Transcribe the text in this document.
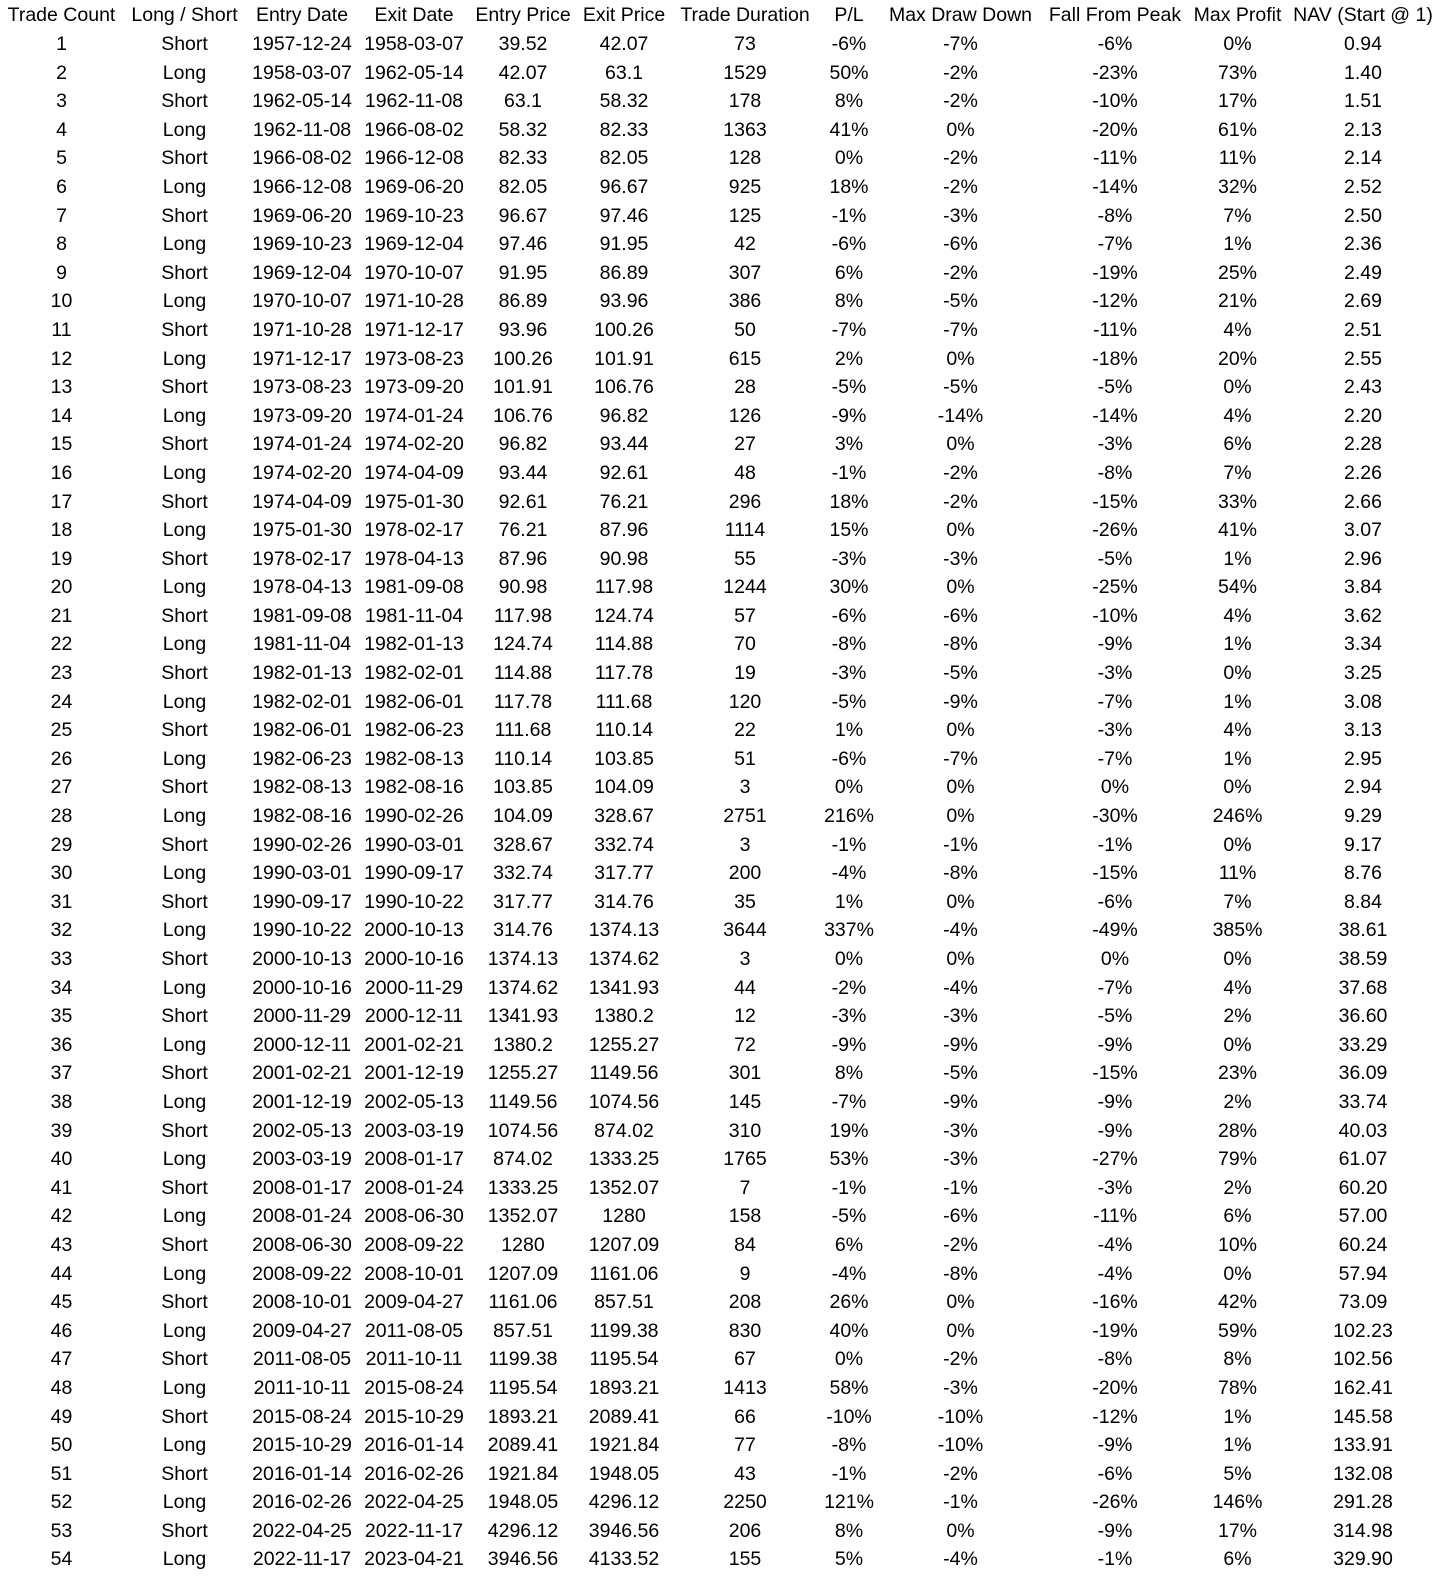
Trade Count	Long / Short	Entry Date	Exit Date	Entry Price	Exit Price	Trade Duration	P/L	Max Draw Down	Fall From Peak	Max Profit	NAV (Start @ 1)
1	Short	1957-12-24	1958-03-07	39.52	42.07	73	-6%	-7%	-6%	0%	0.94
2	Long	1958-03-07	1962-05-14	42.07	63.1	1529	50%	-2%	-23%	73%	1.40
3	Short	1962-05-14	1962-11-08	63.1	58.32	178	8%	-2%	-10%	17%	1.51
4	Long	1962-11-08	1966-08-02	58.32	82.33	1363	41%	0%	-20%	61%	2.13
5	Short	1966-08-02	1966-12-08	82.33	82.05	128	0%	-2%	-11%	11%	2.14
6	Long	1966-12-08	1969-06-20	82.05	96.67	925	18%	-2%	-14%	32%	2.52
7	Short	1969-06-20	1969-10-23	96.67	97.46	125	-1%	-3%	-8%	7%	2.50
8	Long	1969-10-23	1969-12-04	97.46	91.95	42	-6%	-6%	-7%	1%	2.36
9	Short	1969-12-04	1970-10-07	91.95	86.89	307	6%	-2%	-19%	25%	2.49
10	Long	1970-10-07	1971-10-28	86.89	93.96	386	8%	-5%	-12%	21%	2.69
11	Short	1971-10-28	1971-12-17	93.96	100.26	50	-7%	-7%	-11%	4%	2.51
12	Long	1971-12-17	1973-08-23	100.26	101.91	615	2%	0%	-18%	20%	2.55
13	Short	1973-08-23	1973-09-20	101.91	106.76	28	-5%	-5%	-5%	0%	2.43
14	Long	1973-09-20	1974-01-24	106.76	96.82	126	-9%	-14%	-14%	4%	2.20
15	Short	1974-01-24	1974-02-20	96.82	93.44	27	3%	0%	-3%	6%	2.28
16	Long	1974-02-20	1974-04-09	93.44	92.61	48	-1%	-2%	-8%	7%	2.26
17	Short	1974-04-09	1975-01-30	92.61	76.21	296	18%	-2%	-15%	33%	2.66
18	Long	1975-01-30	1978-02-17	76.21	87.96	1114	15%	0%	-26%	41%	3.07
19	Short	1978-02-17	1978-04-13	87.96	90.98	55	-3%	-3%	-5%	1%	2.96
20	Long	1978-04-13	1981-09-08	90.98	117.98	1244	30%	0%	-25%	54%	3.84
21	Short	1981-09-08	1981-11-04	117.98	124.74	57	-6%	-6%	-10%	4%	3.62
22	Long	1981-11-04	1982-01-13	124.74	114.88	70	-8%	-8%	-9%	1%	3.34
23	Short	1982-01-13	1982-02-01	114.88	117.78	19	-3%	-5%	-3%	0%	3.25
24	Long	1982-02-01	1982-06-01	117.78	111.68	120	-5%	-9%	-7%	1%	3.08
25	Short	1982-06-01	1982-06-23	111.68	110.14	22	1%	0%	-3%	4%	3.13
26	Long	1982-06-23	1982-08-13	110.14	103.85	51	-6%	-7%	-7%	1%	2.95
27	Short	1982-08-13	1982-08-16	103.85	104.09	3	0%	0%	0%	0%	2.94
28	Long	1982-08-16	1990-02-26	104.09	328.67	2751	216%	0%	-30%	246%	9.29
29	Short	1990-02-26	1990-03-01	328.67	332.74	3	-1%	-1%	-1%	0%	9.17
30	Long	1990-03-01	1990-09-17	332.74	317.77	200	-4%	-8%	-15%	11%	8.76
31	Short	1990-09-17	1990-10-22	317.77	314.76	35	1%	0%	-6%	7%	8.84
32	Long	1990-10-22	2000-10-13	314.76	1374.13	3644	337%	-4%	-49%	385%	38.61
33	Short	2000-10-13	2000-10-16	1374.13	1374.62	3	0%	0%	0%	0%	38.59
34	Long	2000-10-16	2000-11-29	1374.62	1341.93	44	-2%	-4%	-7%	4%	37.68
35	Short	2000-11-29	2000-12-11	1341.93	1380.2	12	-3%	-3%	-5%	2%	36.60
36	Long	2000-12-11	2001-02-21	1380.2	1255.27	72	-9%	-9%	-9%	0%	33.29
37	Short	2001-02-21	2001-12-19	1255.27	1149.56	301	8%	-5%	-15%	23%	36.09
38	Long	2001-12-19	2002-05-13	1149.56	1074.56	145	-7%	-9%	-9%	2%	33.74
39	Short	2002-05-13	2003-03-19	1074.56	874.02	310	19%	-3%	-9%	28%	40.03
40	Long	2003-03-19	2008-01-17	874.02	1333.25	1765	53%	-3%	-27%	79%	61.07
41	Short	2008-01-17	2008-01-24	1333.25	1352.07	7	-1%	-1%	-3%	2%	60.20
42	Long	2008-01-24	2008-06-30	1352.07	1280	158	-5%	-6%	-11%	6%	57.00
43	Short	2008-06-30	2008-09-22	1280	1207.09	84	6%	-2%	-4%	10%	60.24
44	Long	2008-09-22	2008-10-01	1207.09	1161.06	9	-4%	-8%	-4%	0%	57.94
45	Short	2008-10-01	2009-04-27	1161.06	857.51	208	26%	0%	-16%	42%	73.09
46	Long	2009-04-27	2011-08-05	857.51	1199.38	830	40%	0%	-19%	59%	102.23
47	Short	2011-08-05	2011-10-11	1199.38	1195.54	67	0%	-2%	-8%	8%	102.56
48	Long	2011-10-11	2015-08-24	1195.54	1893.21	1413	58%	-3%	-20%	78%	162.41
49	Short	2015-08-24	2015-10-29	1893.21	2089.41	66	-10%	-10%	-12%	1%	145.58
50	Long	2015-10-29	2016-01-14	2089.41	1921.84	77	-8%	-10%	-9%	1%	133.91
51	Short	2016-01-14	2016-02-26	1921.84	1948.05	43	-1%	-2%	-6%	5%	132.08
52	Long	2016-02-26	2022-04-25	1948.05	4296.12	2250	121%	-1%	-26%	146%	291.28
53	Short	2022-04-25	2022-11-17	4296.12	3946.56	206	8%	0%	-9%	17%	314.98
54	Long	2022-11-17	2023-04-21	3946.56	4133.52	155	5%	-4%	-1%	6%	329.90
